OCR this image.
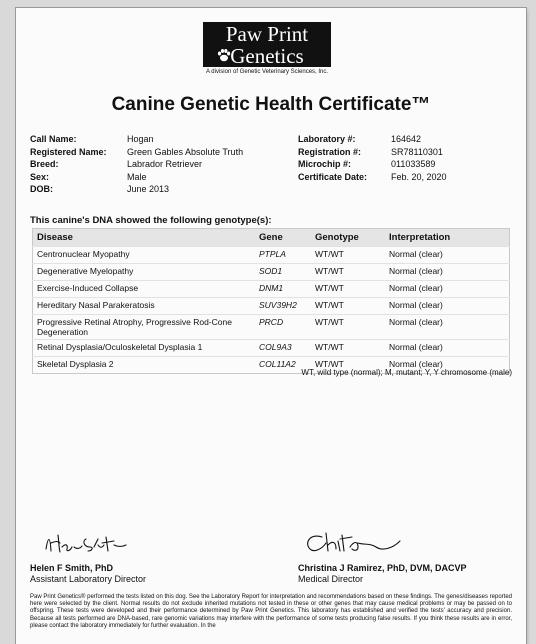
Paw Print
Genetics
A division of Genetic Veterinary Sciences, Inc.
Canine Genetic Health Certificate™
Call Name:	Hogan
Registered Name:	Green Gables Absolute Truth
Breed:	Labrador Retriever
Sex:	Male
DOB:	June 2013
Laboratory #:	164642
Registration #:	SR78110301
Microchip #:	011033589
Certificate Date:	Feb. 20, 2020
This canine's DNA showed the following genotype(s):
Disease	Gene	Genotype	Interpretation
Centronuclear Myopathy	PTPLA	WT/WT	Normal (clear)
Degenerative Myelopathy	SOD1	WT/WT	Normal (clear)
Exercise-Induced Collapse	DNM1	WT/WT	Normal (clear)
Hereditary Nasal Parakeratosis	SUV39H2	WT/WT	Normal (clear)
Progressive Retinal Atrophy, Progressive Rod-Cone Degeneration	PRCD	WT/WT	Normal (clear)
Retinal Dysplasia/Oculoskeletal Dysplasia 1	COL9A3	WT/WT	Normal (clear)
Skeletal Dysplasia 2	COL11A2	WT/WT	Normal (clear)
WT, wild type (normal); M, mutant; Y, Y chromosome (male)
Helen F Smith, PhD
Assistant Laboratory Director
Christina J Ramirez, PhD, DVM, DACVP
Medical Director
Paw Print Genetics® performed the tests listed on this dog. See the Laboratory Report for interpretation and recommendations based on these findings. The genes/diseases reported here were selected by the client. Normal results do not exclude inherited mutations not tested in these or other genes that may cause medical problems or may be passed on to offspring. These tests were developed and their performance determined by Paw Print Genetics. This laboratory has established and verified the tests' accuracy and precision. Because all tests performed are DNA-based, rare genomic variations may interfere with the performance of some tests producing false results. If you think these results are in error, please contact the laboratory immediately for further evaluation. In the
